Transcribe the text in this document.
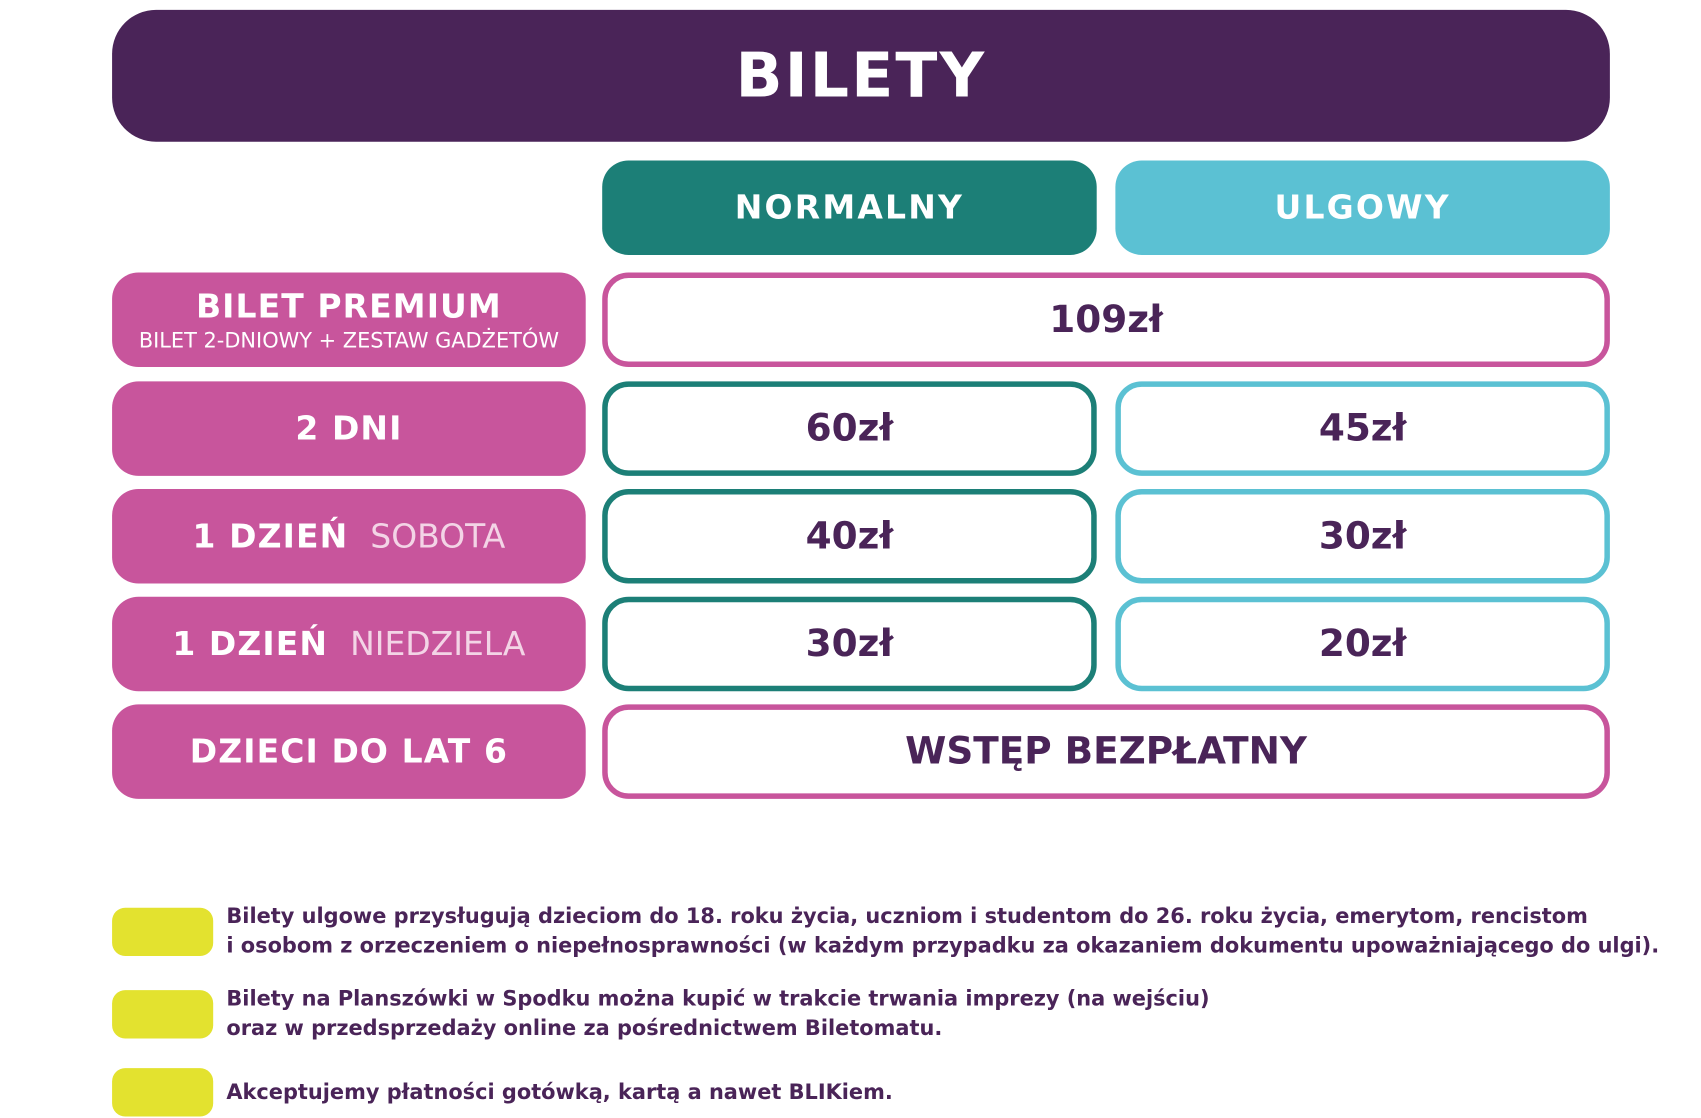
BILETY
NORMALNY	ULGOWY
BILET PREMIUM
BILET 2-DNIOWY + ZESTAW GADŻETÓW	109zł
2 DNI	60zł	45zł
1 DZIEŃ SOBOTA	40zł	30zł
1 DZIEŃ NIEDZIELA	30zł	20zł
DZIECI DO LAT 6	WSTĘP BEZPŁATNY
Bilety ulgowe przysługują dzieciom do 18. roku życia, uczniom i studentom do 26. roku życia, emerytom, rencistom
i osobom z orzeczeniem o niepełnosprawności (w każdym przypadku za okazaniem dokumentu upoważniającego do ulgi).
Bilety na Planszówki w Spodku można kupić w trakcie trwania imprezy (na wejściu)
oraz w przedsprzedaży online za pośrednictwem Biletomatu.
Akceptujemy płatności gotówką, kartą a nawet BLIKiem.
